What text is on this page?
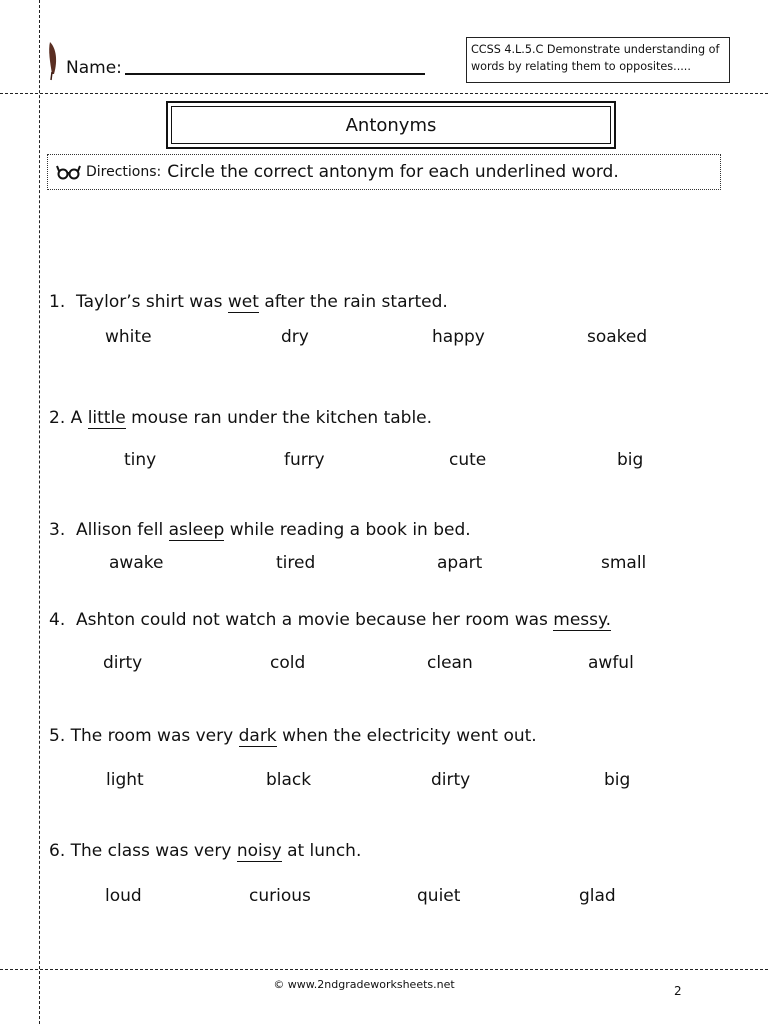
Name:
CCSS 4.L.5.C Demonstrate understanding of words by relating them to opposites.....
Antonyms
Directions: Circle the correct antonym for each underlined word.
1. Taylor’s shirt was wet after the rain started.
white	dry	happy	soaked
2. A little mouse ran under the kitchen table.
tiny	furry	cute	big
3. Allison fell asleep while reading a book in bed.
awake	tired	apart	small
4. Ashton could not watch a movie because her room was messy.
dirty	cold	clean	awful
5. The room was very dark when the electricity went out.
light	black	dirty	big
6. The class was very noisy at lunch.
loud	curious	quiet	glad
© www.2ndgradeworksheets.net	2
